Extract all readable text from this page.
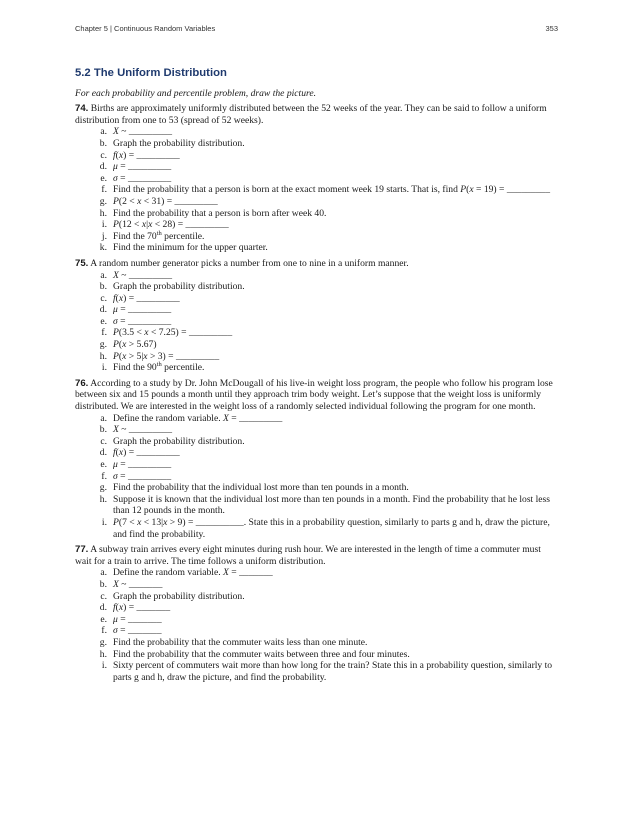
Chapter 5 | Continuous Random Variables	353
5.2 The Uniform Distribution

For each probability and percentile problem, draw the picture.

74. Births are approximately uniformly distributed between the 52 weeks of the year. They can be said to follow a uniform distribution from one to 53 (spread of 52 weeks).

a. X ~ _________
b. Graph the probability distribution.
c. f(x) = _________
d. μ = _________
e. σ = _________
f. Find the probability that a person is born at the exact moment week 19 starts. That is, find P(x = 19) = _________
g. P(2 < x < 31) = _________
h. Find the probability that a person is born after week 40.
i. P(12 < x|x < 28) = _________
j. Find the 70th percentile.
k. Find the minimum for the upper quarter.

75. A random number generator picks a number from one to nine in a uniform manner.

a. X ~ _________
b. Graph the probability distribution.
c. f(x) = _________
d. μ = _________
e. σ = _________
f. P(3.5 < x < 7.25) = _________
g. P(x > 5.67)
h. P(x > 5|x > 3) = _________
i. Find the 90th percentile.

76. According to a study by Dr. John McDougall of his live-in weight loss program, the people who follow his program lose between six and 15 pounds a month until they approach trim body weight. Let’s suppose that the weight loss is uniformly distributed. We are interested in the weight loss of a randomly selected individual following the program for one month.

a. Define the random variable. X = _________
b. X ~ _________
c. Graph the probability distribution.
d. f(x) = _________
e. μ = _________
f. σ = _________
g. Find the probability that the individual lost more than ten pounds in a month.
h. Suppose it is known that the individual lost more than ten pounds in a month. Find the probability that he lost less than 12 pounds in the month.
i. P(7 < x < 13|x > 9) = __________. State this in a probability question, similarly to parts g and h, draw the picture, and find the probability.

77. A subway train arrives every eight minutes during rush hour. We are interested in the length of time a commuter must wait for a train to arrive. The time follows a uniform distribution.

a. Define the random variable. X = _______
b. X ~ _______
c. Graph the probability distribution.
d. f(x) = _______
e. μ = _______
f. σ = _______
g. Find the probability that the commuter waits less than one minute.
h. Find the probability that the commuter waits between three and four minutes.
i. Sixty percent of commuters wait more than how long for the train? State this in a probability question, similarly to parts g and h, draw the picture, and find the probability.
